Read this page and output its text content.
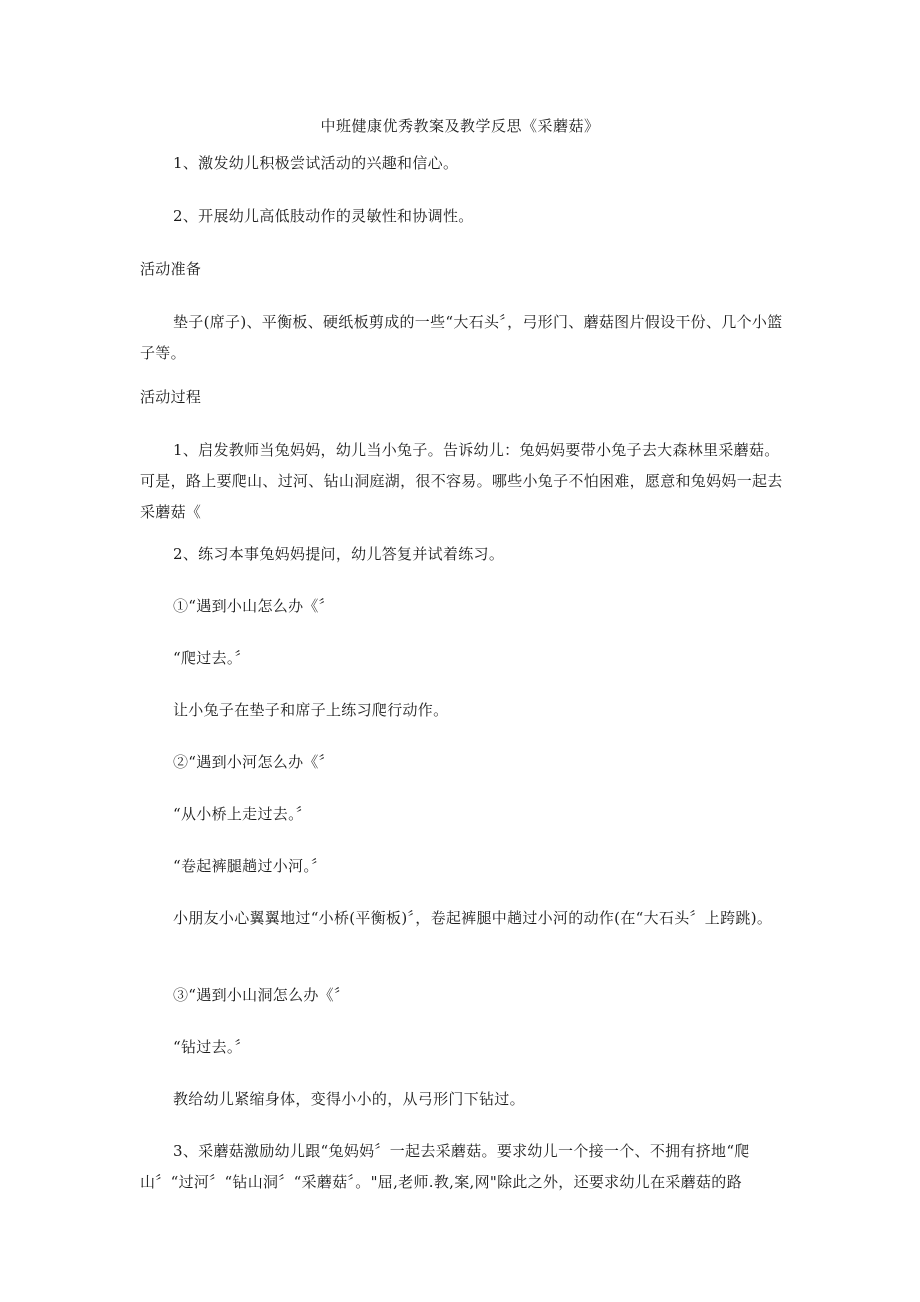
中班健康优秀教案及教学反思《采蘑菇》
1、激发幼儿积极尝试活动的兴趣和信心。
2、开展幼儿高低肢动作的灵敏性和协调性。
活动准备
垫子(席子)、平衡板、硬纸板剪成的一些“大石头〞，弓形门、蘑菇图片假设干份、几个小篮子等。
活动过程
1、启发教师当兔妈妈，幼儿当小兔子。告诉幼儿：兔妈妈要带小兔子去大森林里采蘑菇。可是，路上要爬山、过河、钻山洞庭湖，很不容易。哪些小兔子不怕困难，愿意和兔妈妈一起去采蘑菇《
2、练习本事兔妈妈提问，幼儿答复并试着练习。
①“遇到小山怎么办《〞
“爬过去。〞
让小兔子在垫子和席子上练习爬行动作。
②“遇到小河怎么办《〞
“从小桥上走过去。〞
“卷起裤腿趟过小河。〞
小朋友小心翼翼地过“小桥(平衡板)〞，卷起裤腿中趟过小河的动作(在“大石头〞上跨跳)。
③“遇到小山洞怎么办《〞
“钻过去。〞
教给幼儿紧缩身体，变得小小的，从弓形门下钻过。
3、采蘑菇激励幼儿跟“兔妈妈〞一起去采蘑菇。要求幼儿一个接一个、不拥有挤地“爬山〞“过河〞“钻山洞〞“采蘑菇〞。"屈,老师.教,案,网"除此之外，还要求幼儿在采蘑菇的路
